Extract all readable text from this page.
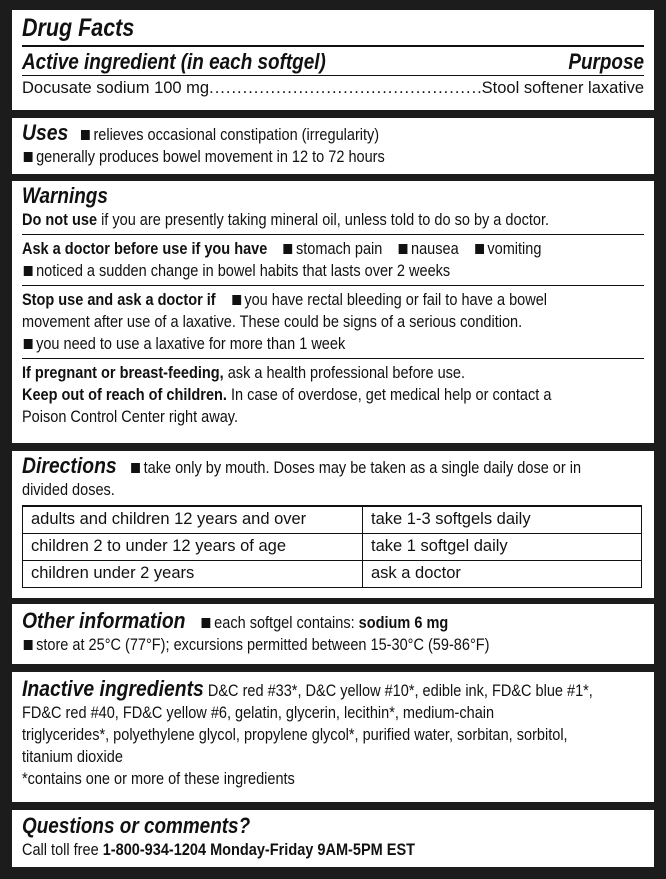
Drug Facts
Active ingredient (in each softgel)	Purpose
Docusate sodium 100 mg .....	Stool softener laxative
Uses relieves occasional constipation (irregularity)
generally produces bowel movement in 12 to 72 hours
Warnings
Do not use if you are presently taking mineral oil, unless told to do so by a doctor.
Ask a doctor before use if you have stomach pain nausea vomiting
noticed a sudden change in bowel habits that lasts over 2 weeks
Stop use and ask a doctor if you have rectal bleeding or fail to have a bowel
movement after use of a laxative. These could be signs of a serious condition.
you need to use a laxative for more than 1 week
If pregnant or breast-feeding, ask a health professional before use.
Keep out of reach of children. In case of overdose, get medical help or contact a
Poison Control Center right away.
Directions take only by mouth. Doses may be taken as a single daily dose or in
divided doses.
adults and children 12 years and over	take 1-3 softgels daily
children 2 to under 12 years of age	take 1 softgel daily
children under 2 years	ask a doctor
Other information each softgel contains: sodium 6 mg
store at 25°C (77°F); excursions permitted between 15-30°C (59-86°F)
Inactive ingredients D&C red #33*, D&C yellow #10*, edible ink, FD&C blue #1*,
FD&C red #40, FD&C yellow #6, gelatin, glycerin, lecithin*, medium-chain
triglycerides*, polyethylene glycol, propylene glycol*, purified water, sorbitan, sorbitol,
titanium dioxide
*contains one or more of these ingredients
Questions or comments?
Call toll free 1-800-934-1204 Monday-Friday 9AM-5PM EST
